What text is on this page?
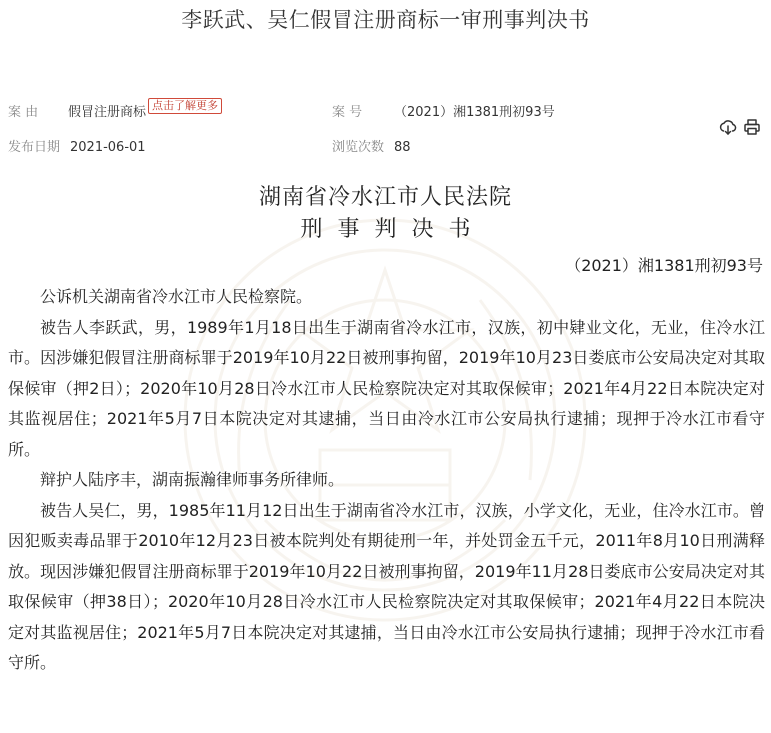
李跃武、吴仁假冒注册商标一审刑事判决书
案 由 假冒注册商标 点击了解更多	案 号 （2021）湘1381刑初93号
发布日期 2021-06-01	浏览次数 88
湖南省冷水江市人民法院
刑事判决书
（2021）湘1381刑初93号

公诉机关湖南省冷水江市人民检察院。

被告人李跃武，男，1989年1月18日出生于湖南省冷水江市，汉族，初中肄业文化，无业，住冷水江市。因涉嫌犯假冒注册商标罪于2019年10月22日被刑事拘留，2019年10月23日娄底市公安局决定对其取保候审（押2日）；2020年10月28日冷水江市人民检察院决定对其取保候审；2021年4月22日本院决定对其监视居住；2021年5月7日本院决定对其逮捕，当日由冷水江市公安局执行逮捕；现押于冷水江市看守所。

辩护人陆序丰，湖南振瀚律师事务所律师。

被告人吴仁，男，1985年11月12日出生于湖南省冷水江市，汉族，小学文化，无业，住冷水江市。曾因犯贩卖毒品罪于2010年12月23日被本院判处有期徒刑一年，并处罚金五千元，2011年8月10日刑满释放。现因涉嫌犯假冒注册商标罪于2019年10月22日被刑事拘留，2019年11月28日娄底市公安局决定对其取保候审（押38日）；2020年10月28日冷水江市人民检察院决定对其取保候审；2021年4月22日本院决定对其监视居住；2021年5月7日本院决定对其逮捕，当日由冷水江市公安局执行逮捕；现押于冷水江市看守所。
